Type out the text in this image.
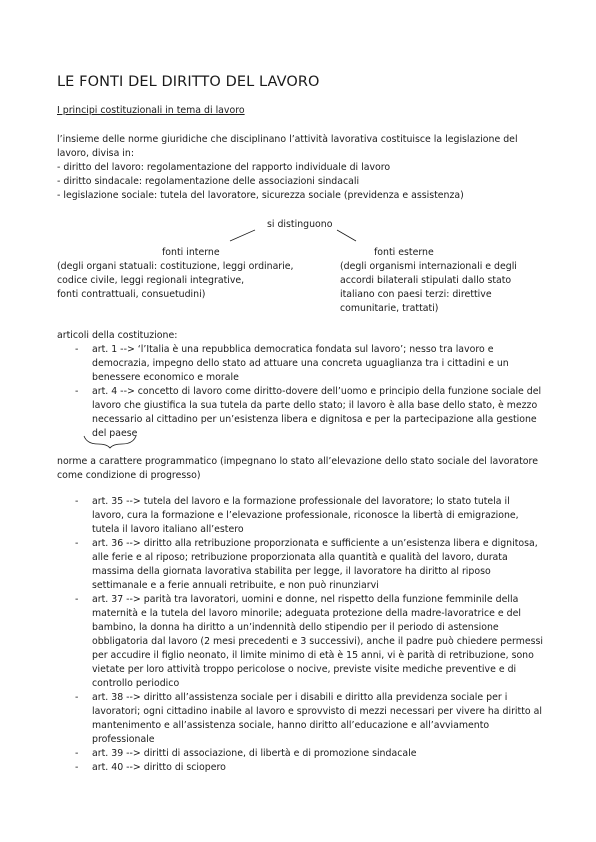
LE FONTI DEL DIRITTO DEL LAVORO
I principi costituzionali in tema di lavoro

l’insieme delle norme giuridiche che disciplinano l’attività lavorativa costituisce la legislazione del

lavoro, divisa in:

- diritto del lavoro: regolamentazione del rapporto individuale di lavoro

- diritto sindacale: regolamentazione delle associazioni sindacali

- legislazione sociale: tutela del lavoratore, sicurezza sociale (previdenza e assistenza)

si distinguono
fonti interne	fonti esterne

(degli organi statuali: costituzione, leggi ordinarie,

codice civile, leggi regionali integrative,

fonti contrattuali, consuetudini)

(degli organismi internazionali e degli

accordi bilaterali stipulati dallo stato

italiano con paesi terzi: direttive

comunitarie, trattati)

articoli della costituzione:
- art. 1 --> ‘l’Italia è una repubblica democratica fondata sul lavoro’; nesso tra lavoro e
democrazia, impegno dello stato ad attuare una concreta uguaglianza tra i cittadini e un
benessere economico e morale
- art. 4 --> concetto di lavoro come diritto-dovere dell’uomo e principio della funzione sociale del
lavoro che giustifica la sua tutela da parte dello stato; il lavoro è alla base dello stato, è mezzo
necessario al cittadino per un’esistenza libera e dignitosa e per la partecipazione alla gestione
del paese

norme a carattere programmatico (impegnano lo stato all’elevazione dello stato sociale del lavoratore

come condizione di progresso)

- art. 35 --> tutela del lavoro e la formazione professionale del lavoratore; lo stato tutela il
lavoro, cura la formazione e l’elevazione professionale, riconosce la libertà di emigrazione,
tutela il lavoro italiano all’estero
- art. 36 --> diritto alla retribuzione proporzionata e sufficiente a un’esistenza libera e dignitosa,
alle ferie e al riposo; retribuzione proporzionata alla quantità e qualità del lavoro, durata
massima della giornata lavorativa stabilita per legge, il lavoratore ha diritto al riposo
settimanale e a ferie annuali retribuite, e non può rinunziarvi
- art. 37 --> parità tra lavoratori, uomini e donne, nel rispetto della funzione femminile della
maternità e la tutela del lavoro minorile; adeguata protezione della madre-lavoratrice e del
bambino, la donna ha diritto a un’indennità dello stipendio per il periodo di astensione
obbligatoria dal lavoro (2 mesi precedenti e 3 successivi), anche il padre può chiedere permessi
per accudire il figlio neonato, il limite minimo di età è 15 anni, vi è parità di retribuzione, sono
vietate per loro attività troppo pericolose o nocive, previste visite mediche preventive e di
controllo periodico
- art. 38 --> diritto all’assistenza sociale per i disabili e diritto alla previdenza sociale per i
lavoratori; ogni cittadino inabile al lavoro e sprovvisto di mezzi necessari per vivere ha diritto al
mantenimento e all’assistenza sociale, hanno diritto all’educazione e all’avviamento professionale
- art. 39 --> diritti di associazione, di libertà e di promozione sindacale
- art. 40 --> diritto di sciopero
